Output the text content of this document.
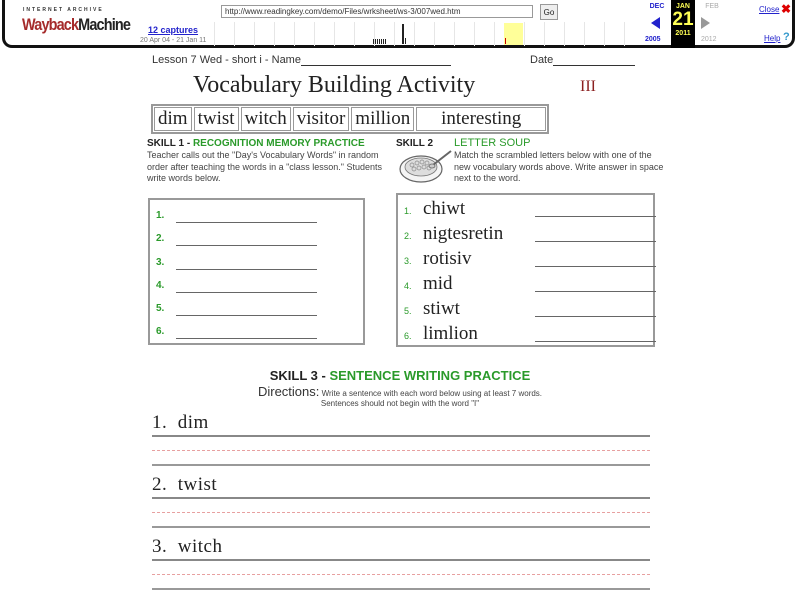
INTERNET ARCHIVE
WaybackMachine 12 captures
20 Apr 04 - 21 Jan 11
http://www.readingkey.com/demo/Files/wrksheet/ws-3/007wed.htm	Go
DEC	JAN
21
2011
FEB
2005	2012
Close ✖
Help ?
Lesson 7 Wed - short i - Name	Date
Vocabulary Building Activity	III
dim twist witch visitor million	interesting
SKILL 1 - RECOGNITION MEMORY PRACTICE
Teacher calls out the "Day's Vocabulary Words" in random order after teaching the words in a "class lesson." Students write words below.
1.
2.
3.
4.
5.
6.
SKILL 2 LETTER SOUP
Match the scrambled letters below with one of the new vocabulary words above. Write answer in space next to the word.
1. chiwt
2. nigtesretin
3. rotisiv
4. mid
5. stiwt
6. limlion
SKILL 3 - SENTENCE WRITING PRACTICE
Directions: Write a sentence with each word below using at least 7 words.
Sentences should not begin with the word "I"
1.  dim
2.  twist
3.  witch
